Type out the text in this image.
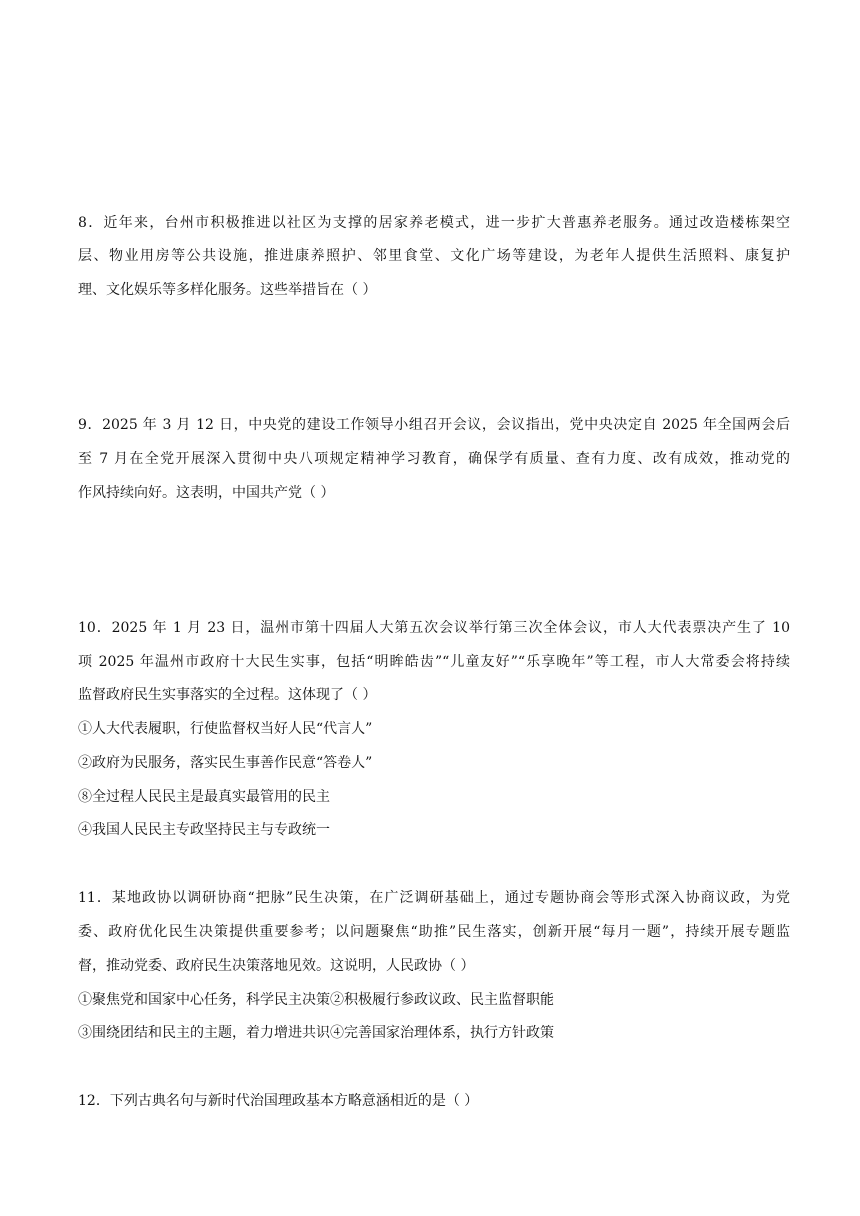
8．近年来，台州市积极推进以社区为支撑的居家养老模式，进一步扩大普惠养老服务。通过改造楼栋架空
层、物业用房等公共设施，推进康养照护、邻里食堂、文化广场等建设，为老年人提供生活照料、康复护
理、文化娱乐等多样化服务。这些举措旨在（ ）
9．2025 年 3 月 12 日，中央党的建设工作领导小组召开会议，会议指出，党中央决定自 2025 年全国两会后
至 7 月在全党开展深入贯彻中央八项规定精神学习教育，确保学有质量、查有力度、改有成效，推动党的
作风持续向好。这表明，中国共产党（ ）
10．2025 年 1 月 23 日，温州市第十四届人大第五次会议举行第三次全体会议，市人大代表票决产生了 10
项 2025 年温州市政府十大民生实事，包括“明眸皓齿”“儿童友好”“乐享晚年”等工程，市人大常委会将持续
监督政府民生实事落实的全过程。这体现了（ ）
①人大代表履职，行使监督权当好人民“代言人”
②政府为民服务，落实民生事善作民意“答卷人”
⑧全过程人民民主是最真实最管用的民主
④我国人民民主专政坚持民主与专政统一
11．某地政协以调研协商“把脉”民生决策，在广泛调研基础上，通过专题协商会等形式深入协商议政，为党
委、政府优化民生决策提供重要参考；以问题聚焦“助推”民生落实，创新开展“每月一题”，持续开展专题监
督，推动党委、政府民生决策落地见效。这说明，人民政协（ ）
①聚焦党和国家中心任务，科学民主决策②积极履行参政议政、民主监督职能
③围绕团结和民主的主题，着力增进共识④完善国家治理体系，执行方针政策
12．下列古典名句与新时代治国理政基本方略意涵相近的是（ ）
